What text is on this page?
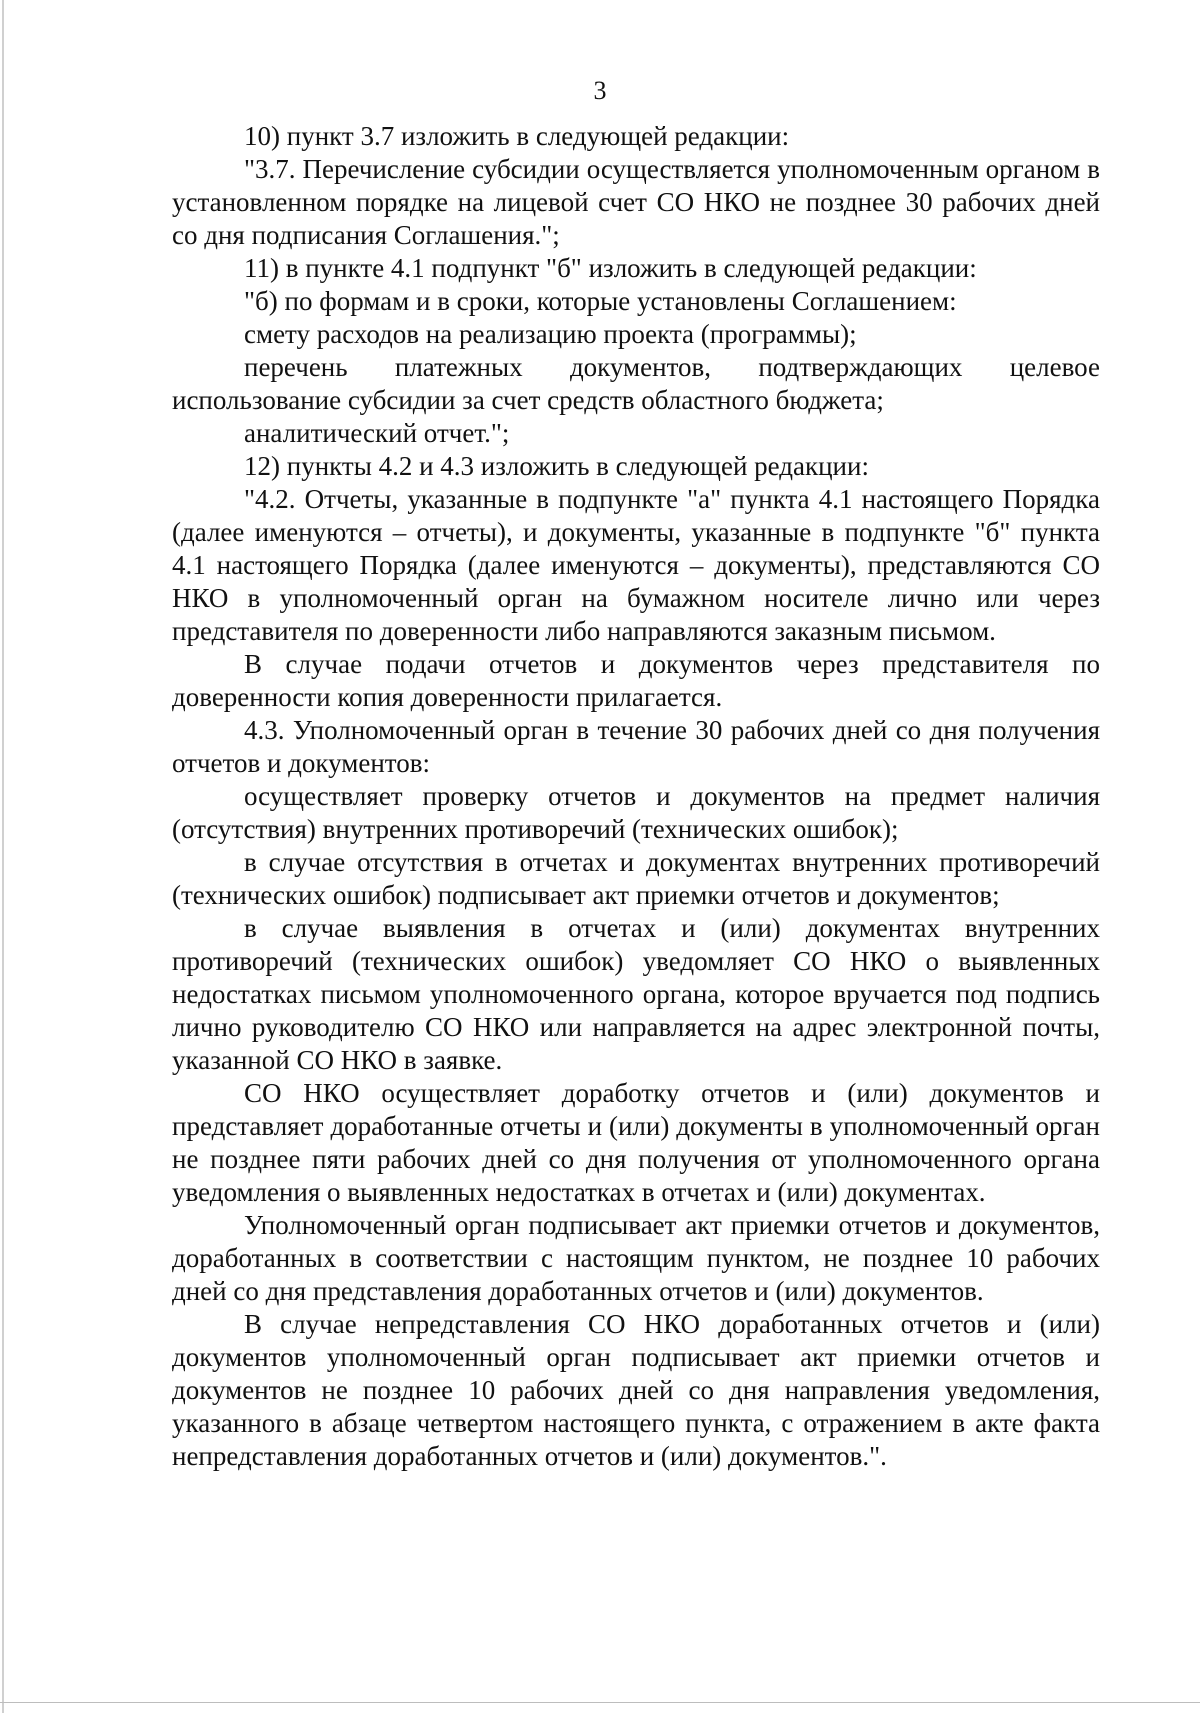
3

10) пункт 3.7 изложить в следующей редакции:

"3.7. Перечисление субсидии осуществляется уполномоченным органом в установленном порядке на лицевой счет СО НКО не позднее 30 рабочих дней со дня подписания Соглашения.";

11) в пункте 4.1 подпункт "б" изложить в следующей редакции:

"б) по формам и в сроки, которые установлены Соглашением:

смету расходов на реализацию проекта (программы);

перечень платежных документов, подтверждающих целевое использование субсидии за счет средств областного бюджета;

аналитический отчет.";

12) пункты 4.2 и 4.3 изложить в следующей редакции:

"4.2. Отчеты, указанные в подпункте "а" пункта 4.1 настоящего Порядка (далее именуются – отчеты), и документы, указанные в подпункте "б" пункта 4.1 настоящего Порядка (далее именуются – документы), представляются СО НКО в уполномоченный орган на бумажном носителе лично или через представителя по доверенности либо направляются заказным письмом.

В случае подачи отчетов и документов через представителя по доверенности копия доверенности прилагается.

4.3. Уполномоченный орган в течение 30 рабочих дней со дня получения отчетов и документов:

осуществляет проверку отчетов и документов на предмет наличия (отсутствия) внутренних противоречий (технических ошибок);

в случае отсутствия в отчетах и документах внутренних противоречий (технических ошибок) подписывает акт приемки отчетов и документов;

в случае выявления в отчетах и (или) документах внутренних противоречий (технических ошибок) уведомляет СО НКО о выявленных недостатках письмом уполномоченного органа, которое вручается под подпись лично руководителю СО НКО или направляется на адрес электронной почты, указанной СО НКО в заявке.

СО НКО осуществляет доработку отчетов и (или) документов и представляет доработанные отчеты и (или) документы в уполномоченный орган не позднее пяти рабочих дней со дня получения от уполномоченного органа уведомления о выявленных недостатках в отчетах и (или) документах.

Уполномоченный орган подписывает акт приемки отчетов и документов, доработанных в соответствии с настоящим пунктом, не позднее 10 рабочих дней со дня представления доработанных отчетов и (или) документов.

В случае непредставления СО НКО доработанных отчетов и (или) документов уполномоченный орган подписывает акт приемки отчетов и документов не позднее 10 рабочих дней со дня направления уведомления, указанного в абзаце четвертом настоящего пункта, с отражением в акте факта непредставления доработанных отчетов и (или) документов.".
